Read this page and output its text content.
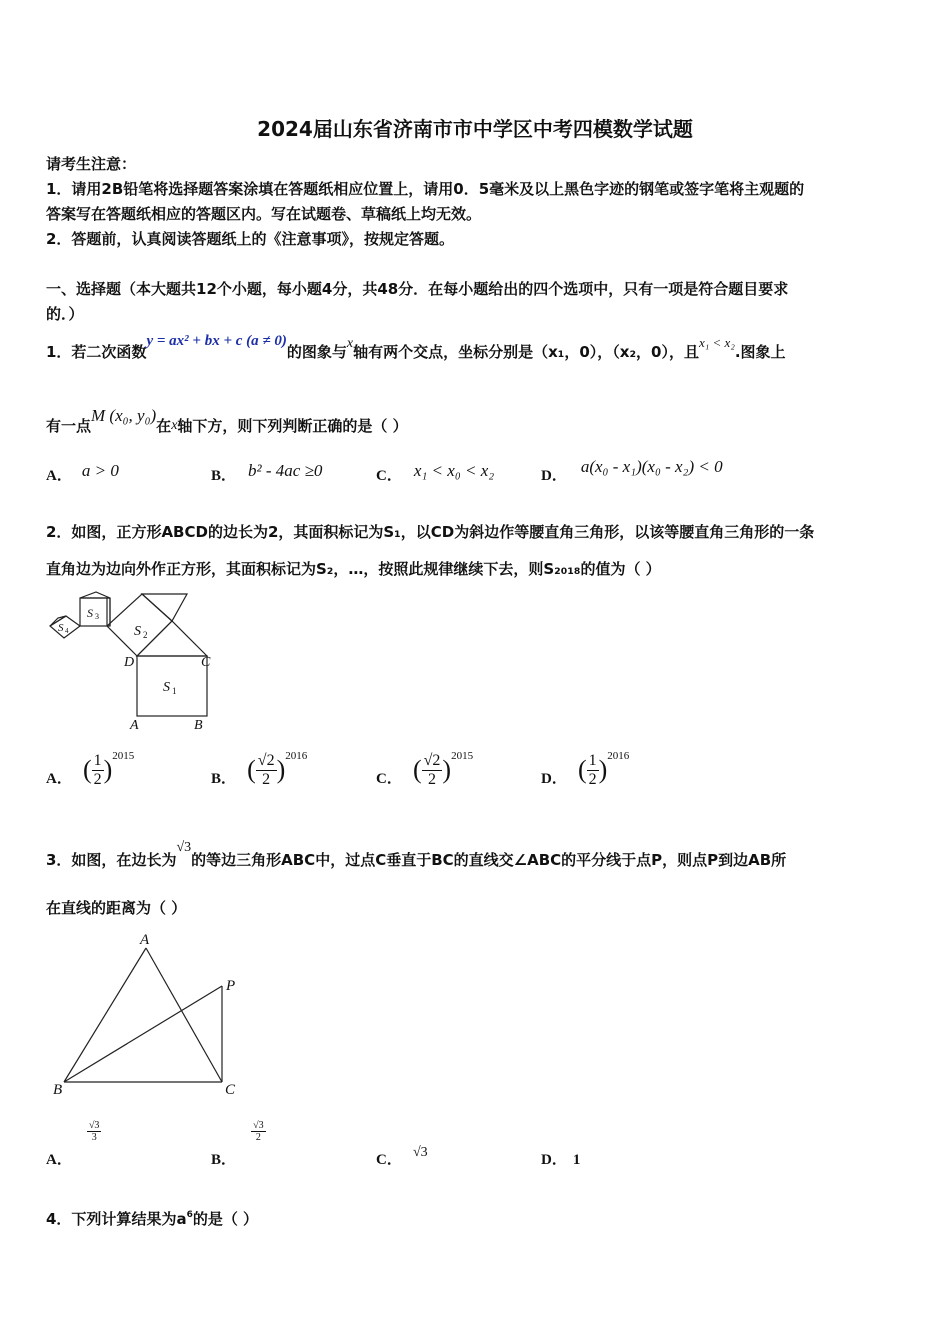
2024届山东省济南市市中学区中考四模数学试题
请考生注意：
1．请用2B铅笔将选择题答案涂填在答题纸相应位置上，请用0．5毫米及以上黑色字迹的钢笔或签字笔将主观题的
答案写在答题纸相应的答题区内。写在试题卷、草稿纸上均无效。
2．答题前，认真阅读答题纸上的《注意事项》，按规定答题。
一、选择题（本大题共12个小题，每小题4分，共48分．在每小题给出的四个选项中，只有一项是符合题目要求
的．）
1．若二次函数y = ax² + bx + c (a ≠ 0)的图象与x轴有两个交点，坐标分别是（x₁，0），（x₂，0），且x₁ < x₂.图象上
有一点M (x₀, y₀)在x轴下方，则下列判断正确的是（ ）
A． a > 0	B． b² - 4ac ≥0	C． x₁ < x₀ < x₂	D． a(x₀ - x₁)(x₀ - x₂) < 0
2．如图，正方形ABCD的边长为2，其面积标记为S₁，以CD为斜边作等腰直角三角形，以该等腰直角三角形的一条
直角边为边向外作正方形，其面积标记为S₂，…，按照此规律继续下去，则S₂₀₁₈的值为（ ）
D	C
A	B
S 1
S 2
S 3
S 4
A． ( $\frac{1}{2} )^{2015}$
B． ( $\frac{√2}{2} )^{2016}$
C． ( $\frac{√2}{2} )^{2015}$
D． ( $\frac{1}{2} )^{2016}$
3．如图，在边长为√3的等边三角形ABC中，过点C垂直于BC的直线交∠ABC的平分线于点P，则点P到边AB所
在直线的距离为（ ）
A
B	C
P
A．
$\frac{√3}{3}$
B．
$\frac{√3}{2}$
C． √3	D． 1
4．下列计算结果为$a^6$的是（ ）
